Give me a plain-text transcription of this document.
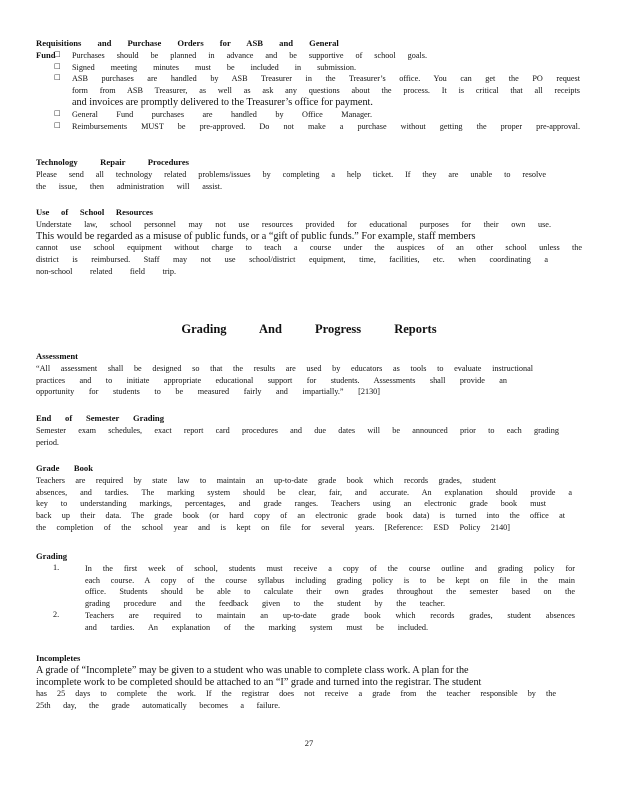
Requisitions and Purchase Orders for ASB and General Fund
□ Purchases should be planned in advance and be supportive of school goals.
□ Signed meeting minutes must be included in submission.
□ ASB purchases are handled by ASB Treasurer in the Treasurer’s office. You can get the PO request
form from ASB Treasurer, as well as ask any questions about the process. It is critical that all receipts
and invoices are promptly delivered to the Treasurer’s office for payment.
□ General Fund purchases are handled by Office Manager.
□ Reimbursements MUST be pre-approved. Do not make a purchase without getting the proper pre-approval.
Technology Repair Procedures
Please send all technology related problems/issues by completing a help ticket. If they are unable to resolve
the issue, then administration will assist.
Use of School Resources
Understate law, school personnel may not use resources provided for educational purposes for their own use.
This would be regarded as a misuse of public funds, or a “gift of public funds.” For example, staff members
cannot use school equipment without charge to teach a course under the auspices of an other school unless the
district is reimbursed. Staff may not use school/district equipment, time, facilities, etc. when coordinating a
non-school related field trip.
Grading And Progress Reports
Assessment
“All assessment shall be designed so that the results are used by educators as tools to evaluate instructional
practices and to initiate appropriate educational support for students. Assessments shall provide an
opportunity for students to be measured fairly and impartially.” [2130]
End of Semester Grading
Semester exam schedules, exact report card procedures and due dates will be announced prior to each grading
period.
Grade Book
Teachers are required by state law to maintain an up-to-date grade book which records grades, student
absences, and tardies. The marking system should be clear, fair, and accurate. An explanation should provide a
key to understanding markings, percentages, and grade ranges. Teachers using an electronic grade book must
back up their data. The grade book (or hard copy of an electronic grade book data) is turned into the office at
the completion of the school year and is kept on file for several years. [Reference: ESD Policy 2140]
Grading
1.	In the first week of school, students must receive a copy of the course outline and grading policy for
each course. A copy of the course syllabus including grading policy is to be kept on file in the main
office. Students should be able to calculate their own grades throughout the semester based on the
grading procedure and the feedback given to the student by the teacher.
2.	Teachers are required to maintain an up-to-date grade book which records grades, student absences
and tardies. An explanation of the marking system must be included.
Incompletes
A grade of “Incomplete” may be given to a student who was unable to complete class work. A plan for the
incomplete work to be completed should be attached to an “I” grade and turned into the registrar. The student
has 25 days to complete the work. If the registrar does not receive a grade from the teacher responsible by the
25th day, the grade automatically becomes a failure.
27
